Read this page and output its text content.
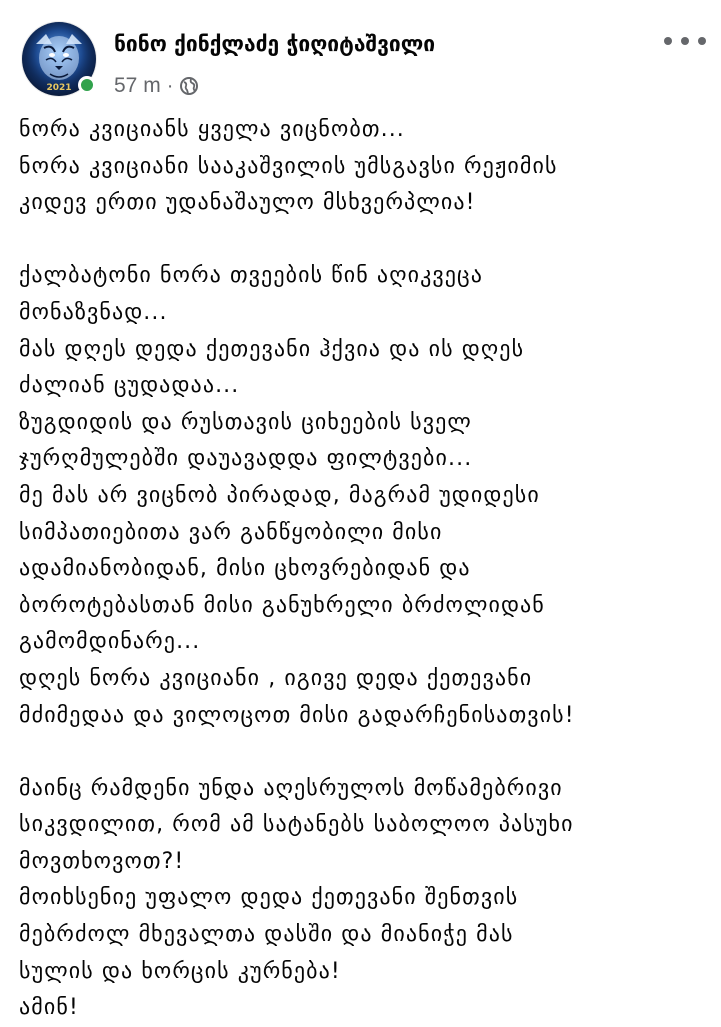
2021
ნინო ქინქლაძე ჭიღიტაშვილი
57 m ·
ნორა კვიციანს ყველა ვიცნობთ...
ნორა კვიციანი სააკაშვილის უმსგავსი რეჟიმის
კიდევ ერთი უდანაშაულო მსხვერპლია!
ქალბატონი ნორა თვეების წინ აღიკვეცა
მონაზვნად...
მას დღეს დედა ქეთევანი ჰქვია და ის დღეს
ძალიან ცუდადაა...
ზუგდიდის და რუსთავის ციხეების სველ
ჯურღმულებში დაუავადდა ფილტვები...
მე მას არ ვიცნობ პირადად, მაგრამ უდიდესი
სიმპათიებითა ვარ განწყობილი მისი
ადამიანობიდან, მისი ცხოვრებიდან და
ბოროტებასთან მისი განუხრელი ბრძოლიდან
გამომდინარე...
დღეს ნორა კვიციანი , იგივე დედა ქეთევანი
მძიმედაა და ვილოცოთ მისი გადარჩენისათვის!
მაინც რამდენი უნდა აღესრულოს მოწამებრივი
სიკვდილით, რომ ამ სატანებს საბოლოო პასუხი
მოვთხოვოთ?!
მოიხსენიე უფალო დედა ქეთევანი შენთვის
მებრძოლ მხევალთა დასში და მიანიჭე მას
სულის და ხორცის კურნება!
ამინ!
